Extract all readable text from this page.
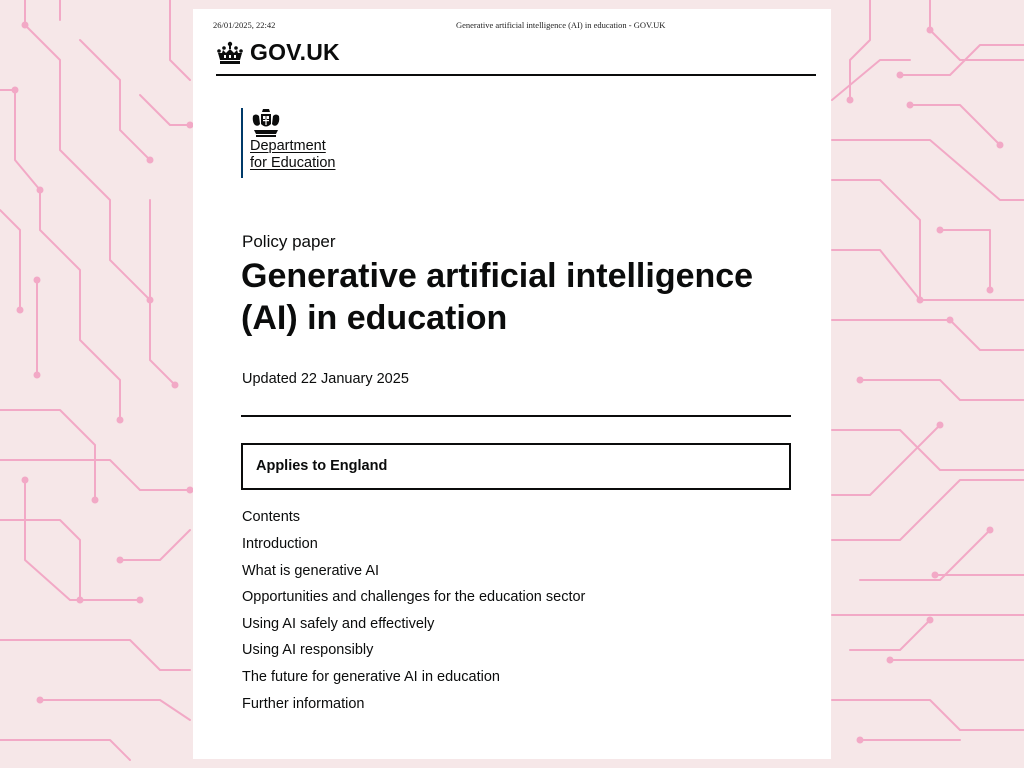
26/01/2025, 22:42	Generative artificial intelligence (AI) in education - GOV.UK
GOV.UK
Department
for Education
Policy paper
Generative artificial intelligence
(AI) in education
Updated 22 January 2025
Applies to England
Contents
Introduction
What is generative AI
Opportunities and challenges for the education sector
Using AI safely and effectively
Using AI responsibly
The future for generative AI in education
Further information
